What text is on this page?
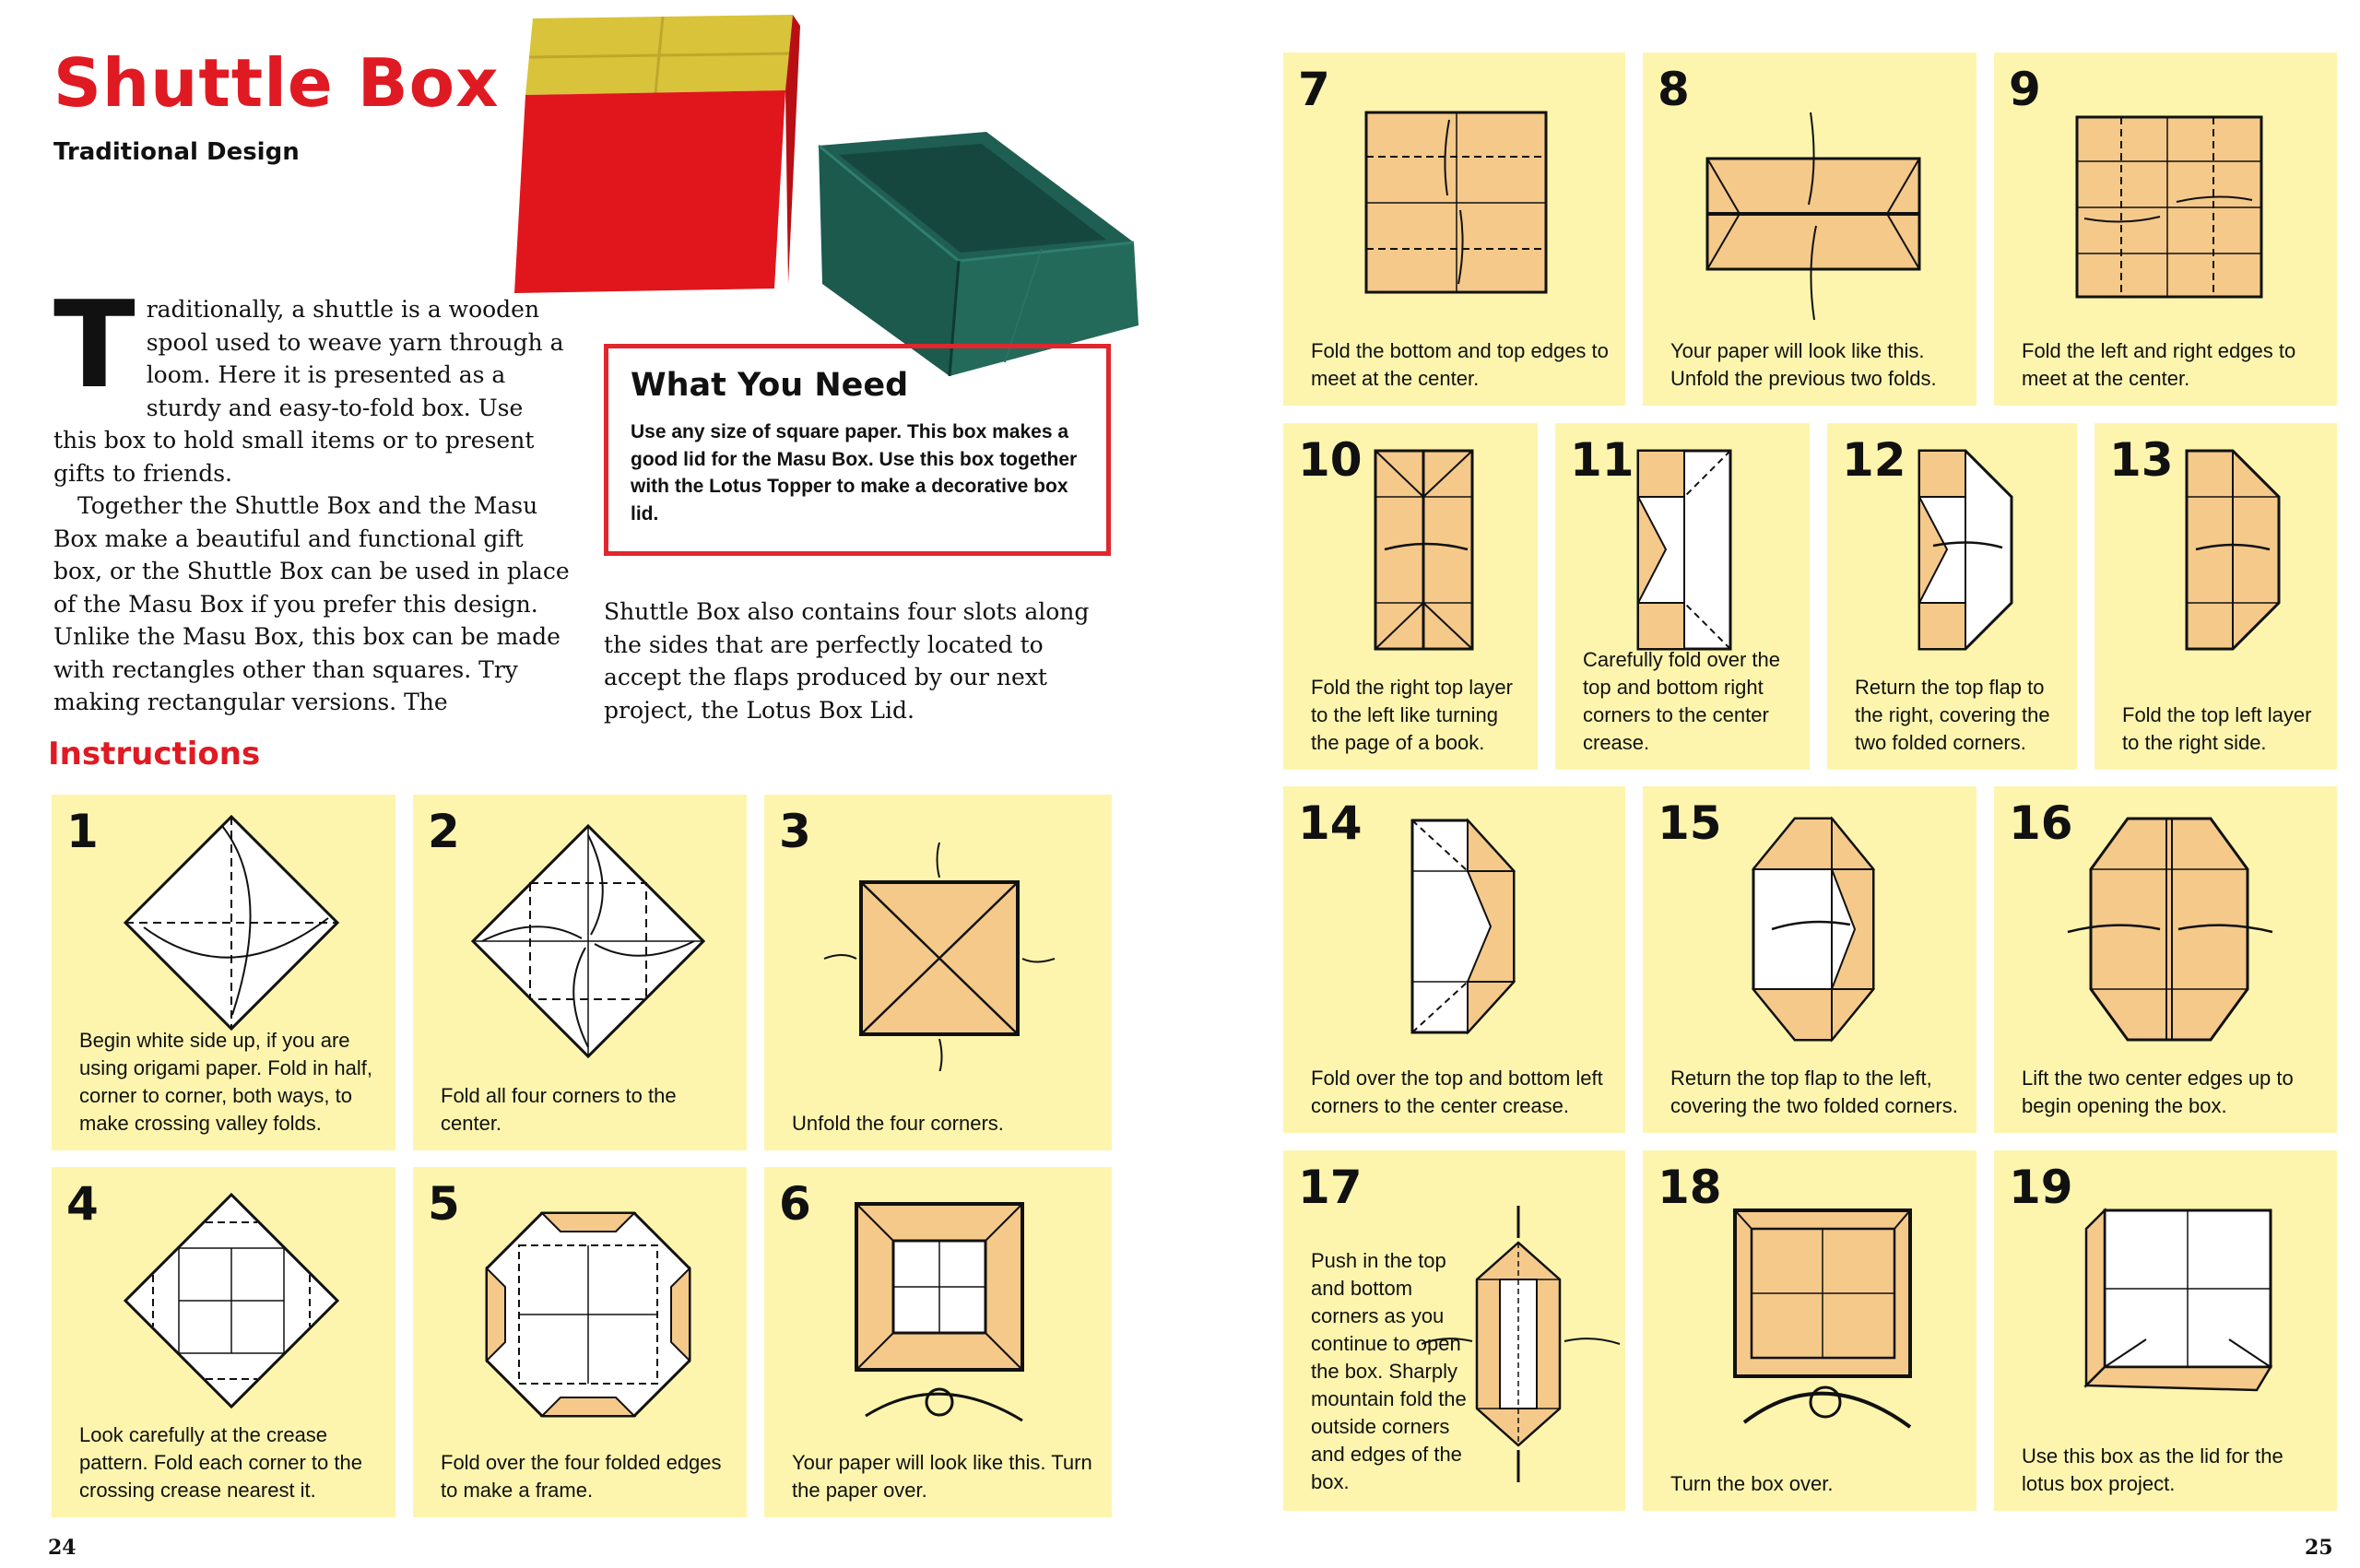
Shuttle Box
Traditional Design

Traditionally, a shuttle is a wooden spool used to weave yarn through a loom. Here it is presented as a sturdy and easy-to-fold box. Use this box to hold small items or to present gifts to friends.

Together the Shuttle Box and the Masu Box make a beautiful and functional gift box, or the Shuttle Box can be used in place of the Masu Box if you prefer this design. Unlike the Masu Box, this box can be made with rectangles other than squares. Try making rectangular versions. The

What You Need

Use any size of square paper. This box makes a good lid for the Masu Box. Use this box together with the Lotus Topper to make a decorative box lid.

Shuttle Box also contains four slots along the sides that are perfectly located to accept the flaps produced by our next project, the Lotus Box Lid.
Instructions
1
Begin white side up, if you are using origami paper. Fold in half, corner to corner, both ways, to make crossing valley folds.
2
Fold all four corners to the center.
3
Unfold the four corners.
4
Look carefully at the crease pattern. Fold each corner to the crossing crease nearest it.
5
Fold over the four folded edges to make a frame.
6
Your paper will look like this. Turn the paper over.
24
7
Fold the bottom and top edges to meet at the center.
8
Your paper will look like this. Unfold the previous two folds.
9
Fold the left and right edges to meet at the center.
10
Fold the right top layer to the left like turning the page of a book.
11
Carefully fold over the top and bottom right corners to the center crease.
12
Return the top flap to the right, covering the two folded corners.
13
Fold the top left layer to the right side.
14
Fold over the top and bottom left corners to the center crease.
15
Return the top flap to the left, covering the two folded corners.
16
Lift the two center edges up to begin opening the box.
17
Push in the top and bottom corners as you continue to open the box. Sharply mountain fold the outside corners and edges of the box.
18
Turn the box over.
19
Use this box as the lid for the lotus box project.
25
